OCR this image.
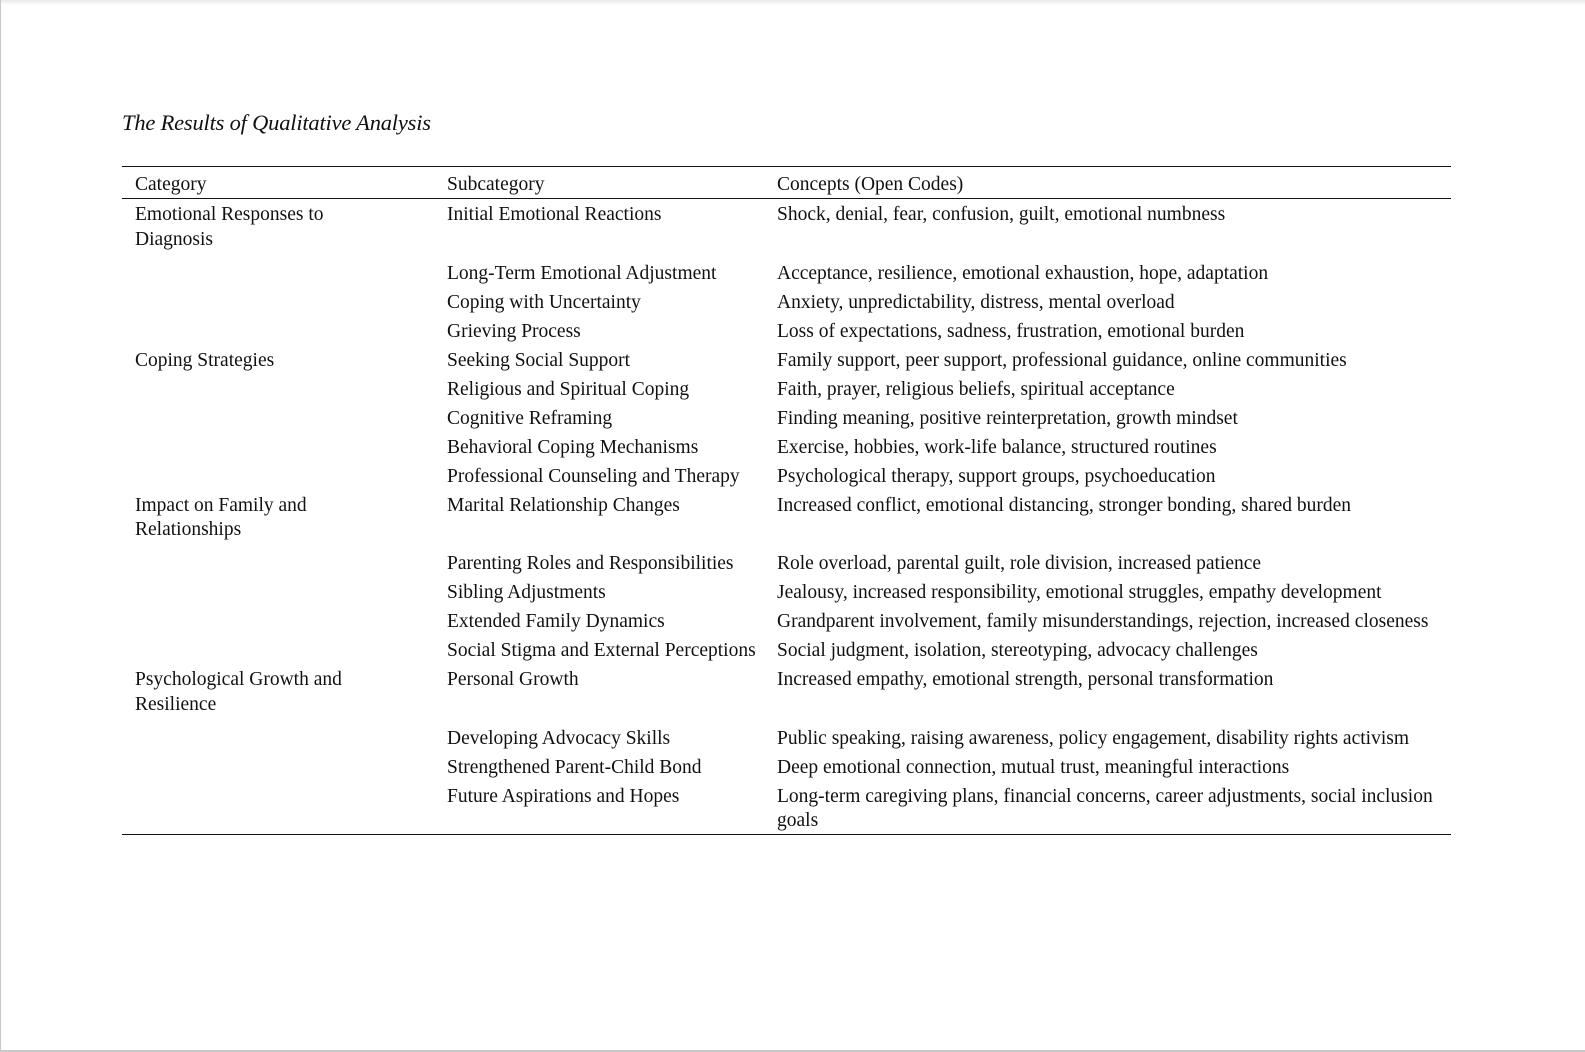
The Results of Qualitative Analysis
Category	Subcategory	Concepts (Open Codes)

Emotional Responses to Diagnosis	Initial Emotional Reactions	Shock, denial, fear, confusion, guilt, emotional numbness

	Long-Term Emotional Adjustment	Acceptance, resilience, emotional exhaustion, hope, adaptation

	Coping with Uncertainty	Anxiety, unpredictability, distress, mental overload

	Grieving Process	Loss of expectations, sadness, frustration, emotional burden

Coping Strategies	Seeking Social Support	Family support, peer support, professional guidance, online communities

	Religious and Spiritual Coping	Faith, prayer, religious beliefs, spiritual acceptance

	Cognitive Reframing	Finding meaning, positive reinterpretation, growth mindset

	Behavioral Coping Mechanisms	Exercise, hobbies, work-life balance, structured routines

	Professional Counseling and Therapy	Psychological therapy, support groups, psychoeducation

Impact on Family and Relationships	Marital Relationship Changes	Increased conflict, emotional distancing, stronger bonding, shared burden

	Parenting Roles and Responsibilities	Role overload, parental guilt, role division, increased patience

	Sibling Adjustments	Jealousy, increased responsibility, emotional struggles, empathy development

	Extended Family Dynamics	Grandparent involvement, family misunderstandings, rejection, increased closeness

	Social Stigma and External Perceptions	Social judgment, isolation, stereotyping, advocacy challenges

Psychological Growth and Resilience	Personal Growth	Increased empathy, emotional strength, personal transformation

	Developing Advocacy Skills	Public speaking, raising awareness, policy engagement, disability rights activism

	Strengthened Parent-Child Bond	Deep emotional connection, mutual trust, meaningful interactions

	Future Aspirations and Hopes	Long-term caregiving plans, financial concerns, career adjustments, social inclusion goals
